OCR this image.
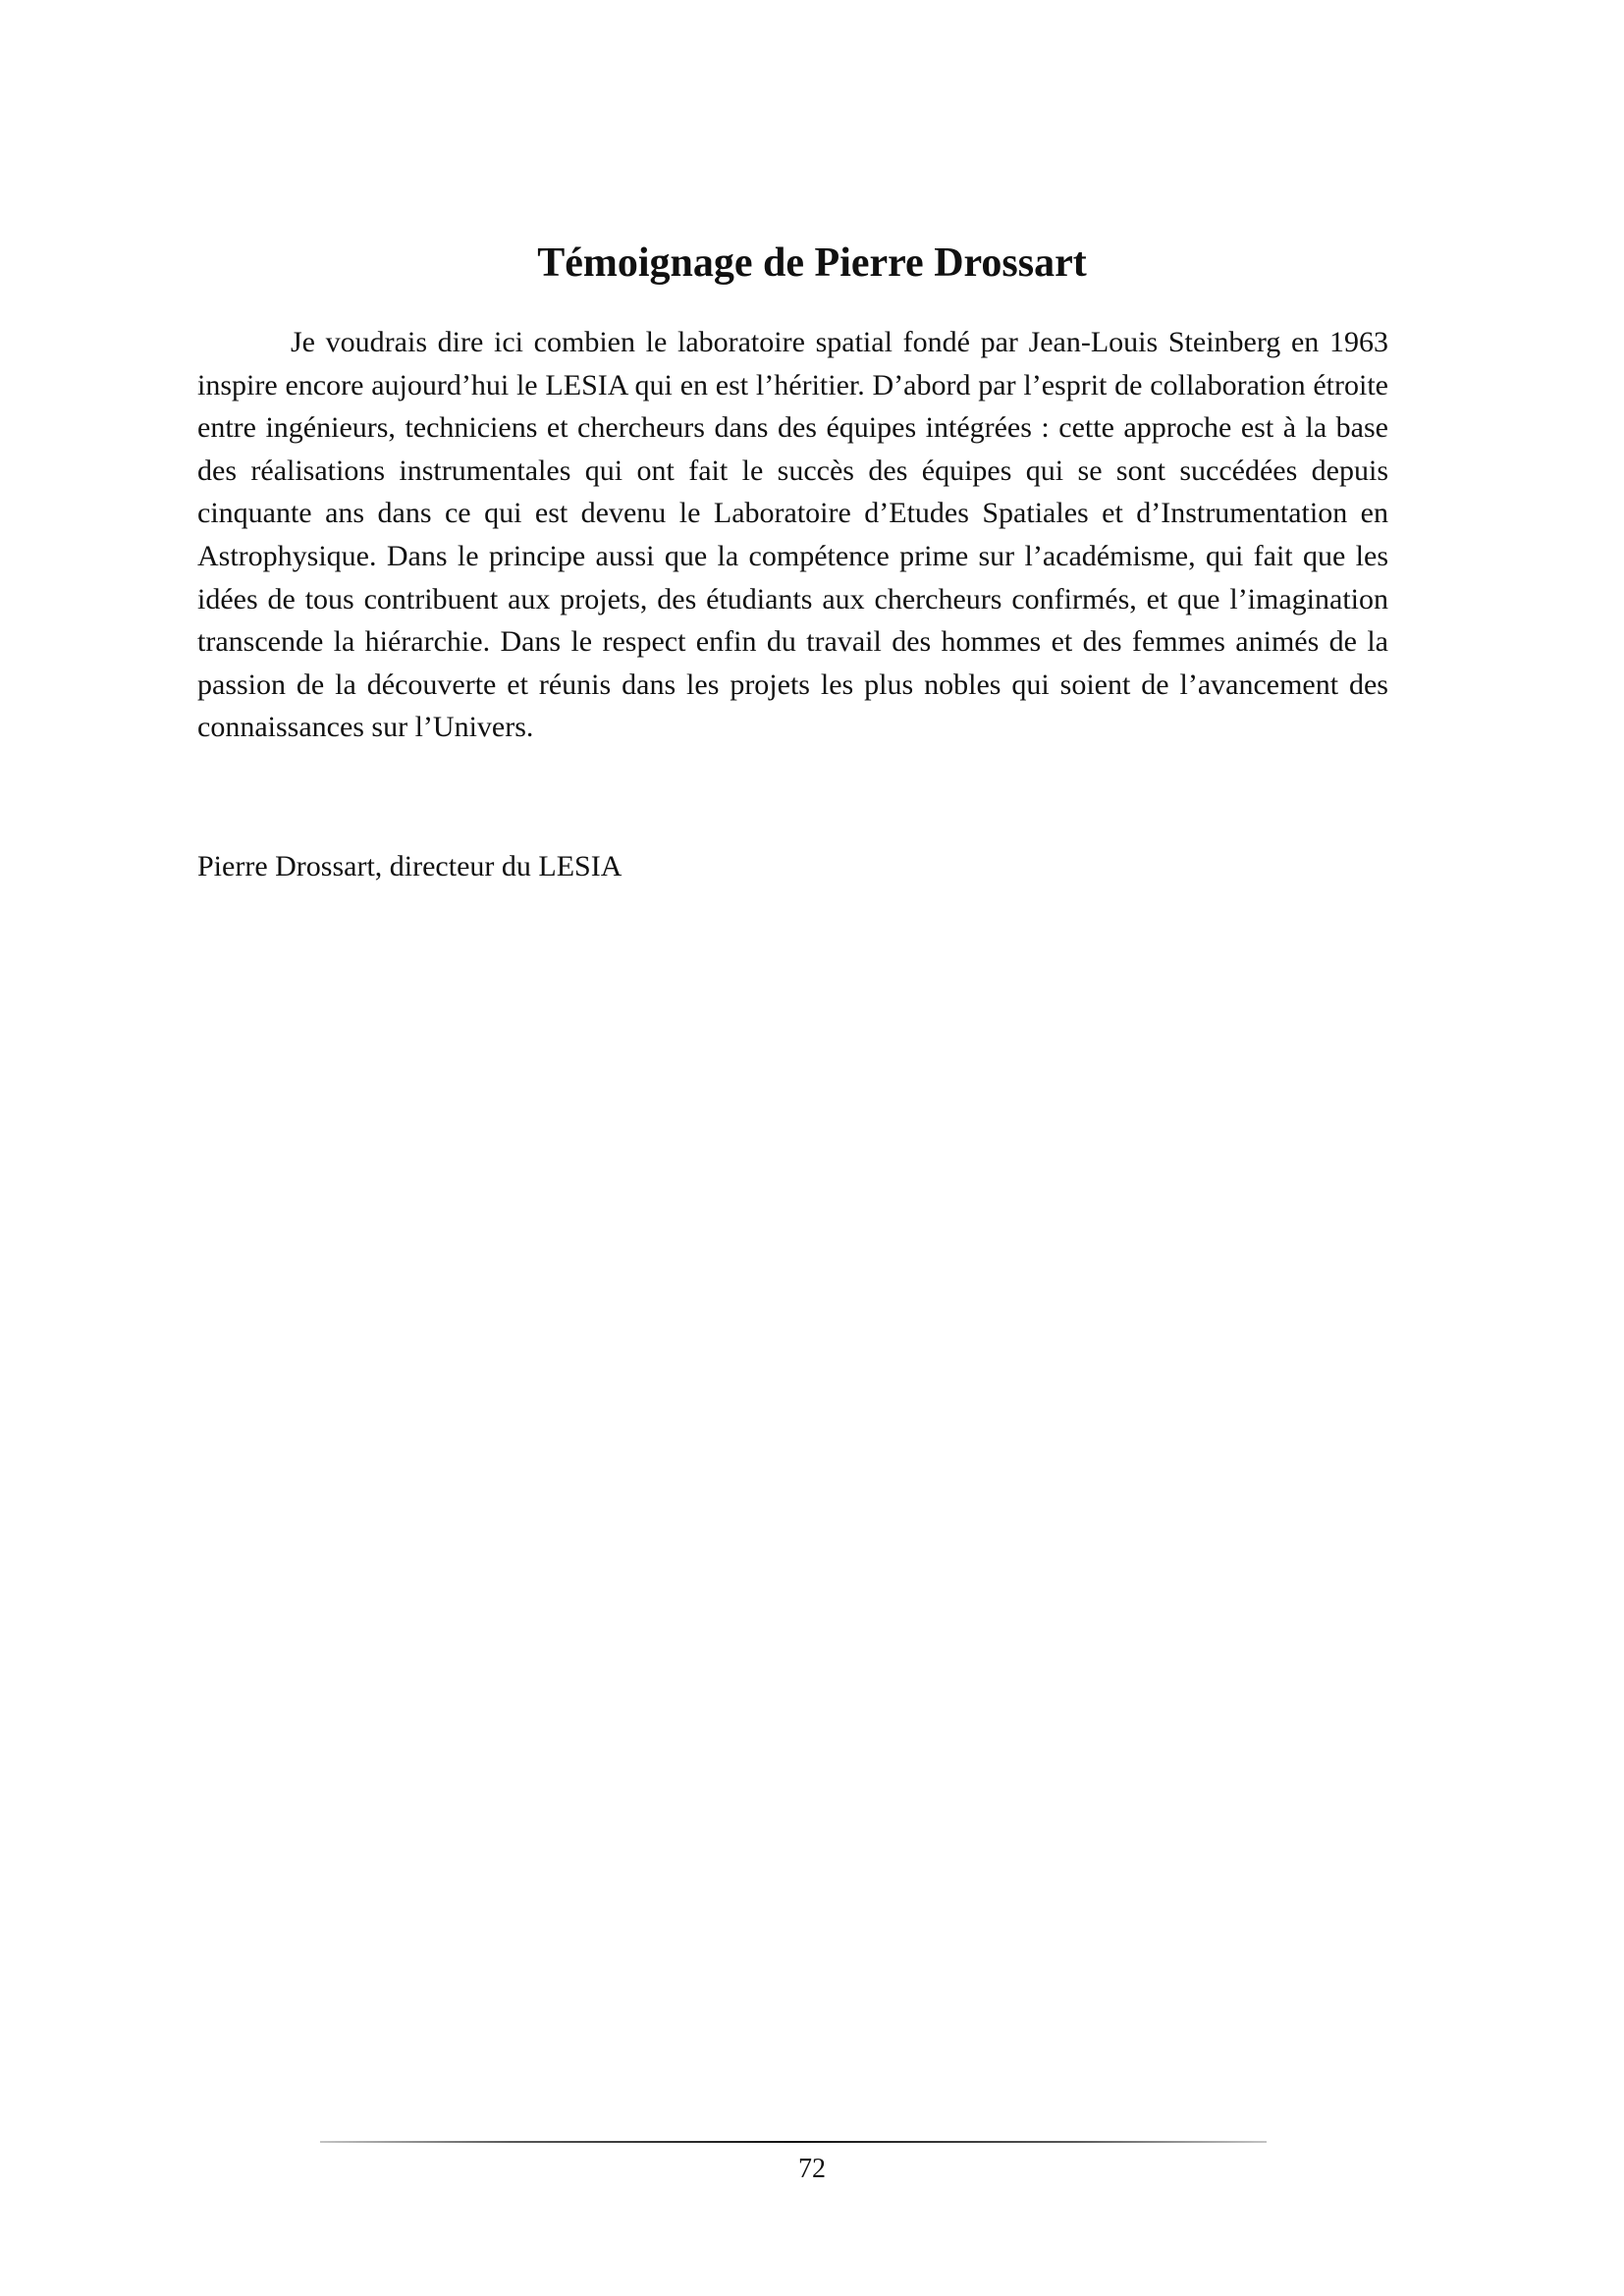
Témoignage de Pierre Drossart

Je voudrais dire ici combien le laboratoire spatial fondé par Jean-Louis Steinberg en 1963 inspire encore aujourd’hui le LESIA qui en est l’héritier. D’abord par l’esprit de collaboration étroite entre ingénieurs, techniciens et chercheurs dans des équipes intégrées : cette approche est à la base des réalisations instrumentales qui ont fait le succès des équipes qui se sont succédées depuis cinquante ans dans ce qui est devenu le Laboratoire d’Etudes Spatiales et d’Instrumentation en Astrophysique. Dans le principe aussi que la compétence prime sur l’académisme, qui fait que les idées de tous contribuent aux projets, des étudiants aux chercheurs confirmés, et que l’imagination transcende la hiérarchie. Dans le respect enfin du travail des hommes et des femmes animés de la passion de la découverte et réunis dans les projets les plus nobles qui soient de l’avancement des connaissances sur l’Univers.

Pierre Drossart, directeur du LESIA

72
